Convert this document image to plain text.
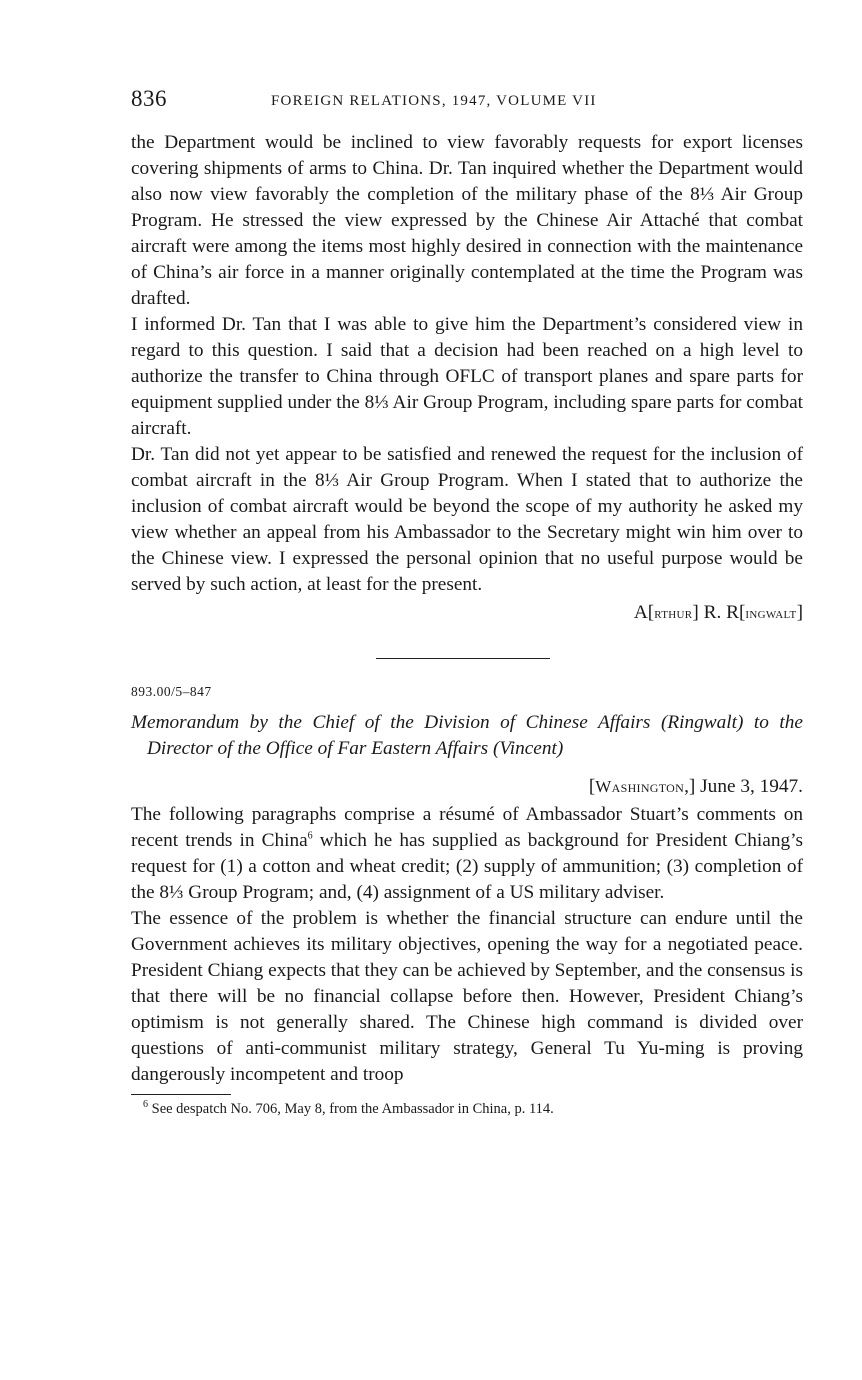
836	FOREIGN RELATIONS, 1947, VOLUME VII

the Department would be inclined to view favorably requests for export licenses covering shipments of arms to China. Dr. Tan inquired whether the Department would also now view favorably the completion of the military phase of the 8⅓ Air Group Program. He stressed the view expressed by the Chinese Air Attaché that combat aircraft were among the items most highly desired in connection with the maintenance of China’s air force in a manner originally contemplated at the time the Program was drafted.

I informed Dr. Tan that I was able to give him the Department’s considered view in regard to this question. I said that a decision had been reached on a high level to authorize the transfer to China through OFLC of transport planes and spare parts for equipment supplied under the 8⅓ Air Group Program, including spare parts for combat aircraft.

Dr. Tan did not yet appear to be satisfied and renewed the request for the inclusion of combat aircraft in the 8⅓ Air Group Program. When I stated that to authorize the inclusion of combat aircraft would be beyond the scope of my authority he asked my view whether an appeal from his Ambassador to the Secretary might win him over to the Chinese view. I expressed the personal opinion that no useful purpose would be served by such action, at least for the present.

A[rthur] R. R[ingwalt]
893.00/5–847
Memorandum by the Chief of the Division of Chinese Affairs (Ringwalt) to the Director of the Office of Far Eastern Affairs (Vincent)
[Washington,] June 3, 1947.

The following paragraphs comprise a résumé of Ambassador Stuart’s comments on recent trends in China$^6$ which he has supplied as background for President Chiang’s request for (1) a cotton and wheat credit; (2) supply of ammunition; (3) completion of the 8⅓ Group Program; and, (4) assignment of a US military adviser.

The essence of the problem is whether the financial structure can endure until the Government achieves its military objectives, opening the way for a negotiated peace. President Chiang expects that they can be achieved by September, and the consensus is that there will be no financial collapse before then. However, President Chiang’s optimism is not generally shared. The Chinese high command is divided over questions of anti-communist military strategy, General Tu Yu-ming is proving dangerously incompetent and troop

$^6$ See despatch No. 706, May 8, from the Ambassador in China, p. 114.
